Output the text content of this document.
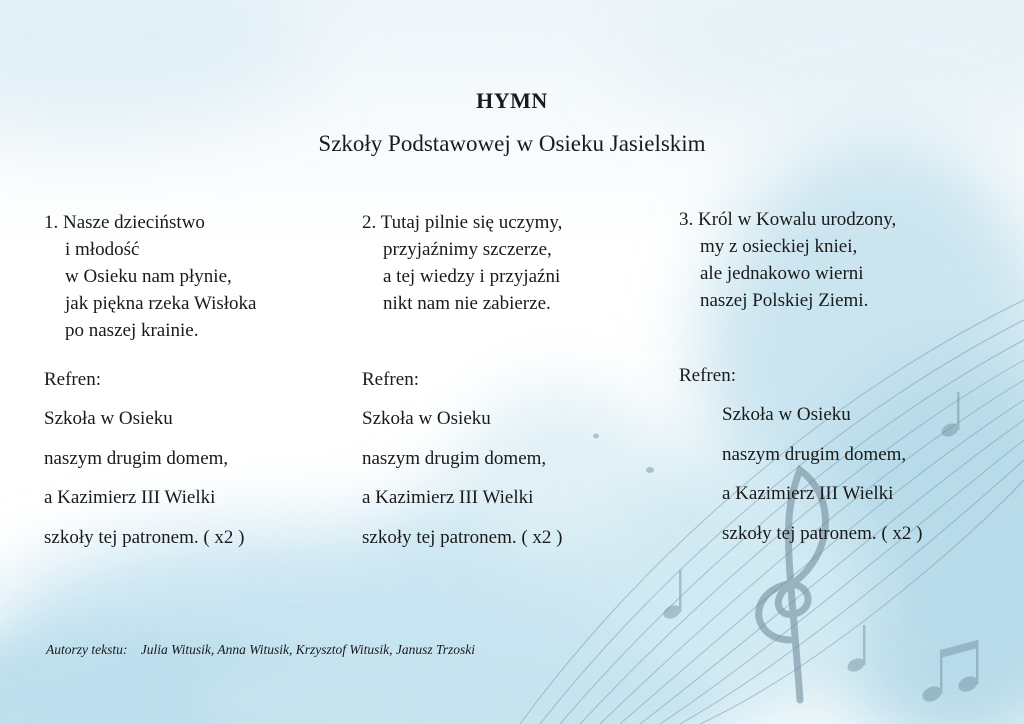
HYMN
Szkoły Podstawowej w Osieku Jasielskim
1. Nasze dzieciństwo
i młodość
w Osieku nam płynie,
jak piękna rzeka Wisłoka
po naszej krainie.
Refren:
Szkoła w Osieku
naszym drugim domem,
a Kazimierz III Wielki
szkoły tej patronem. ( x2 )
2. Tutaj pilnie się uczymy,
przyjaźnimy szczerze,
a tej wiedzy i przyjaźni
nikt nam nie zabierze.
Refren:
Szkoła w Osieku
naszym drugim domem,
a Kazimierz III Wielki
szkoły tej patronem. ( x2 )
3. Król w Kowalu urodzony,
my z osieckiej kniei,
ale jednakowo wierni
naszej Polskiej Ziemi.
Refren:
Szkoła w Osieku
naszym drugim domem,
a Kazimierz III Wielki
szkoły tej patronem. ( x2 )
Autorzy tekstu: Julia Witusik, Anna Witusik, Krzysztof Witusik, Janusz Trzoski
